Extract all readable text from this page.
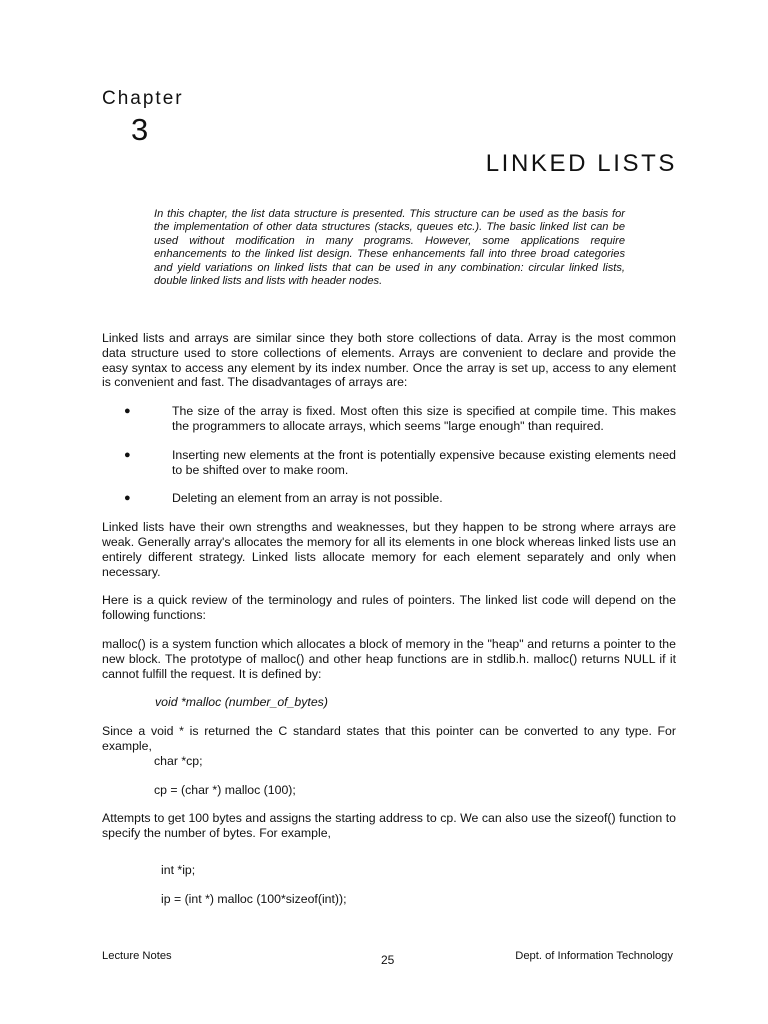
Chapter
3
LINKED LISTS

In this chapter, the list data structure is presented. This structure can be used as the basis for the implementation of other data structures (stacks, queues etc.). The basic linked list can be used without modification in many programs. However, some applications require enhancements to the linked list design. These enhancements fall into three broad categories and yield variations on linked lists that can be used in any combination: circular linked lists, double linked lists and lists with header nodes.

Linked lists and arrays are similar since they both store collections of data. Array is the most common data structure used to store collections of elements. Arrays are convenient to declare and provide the easy syntax to access any element by its index number. Once the array is set up, access to any element is convenient and fast. The disadvantages of arrays are:

●	The size of the array is fixed. Most often this size is specified at compile time. This makes the programmers to allocate arrays, which seems "large enough" than required.
●	Inserting new elements at the front is potentially expensive because existing elements need to be shifted over to make room.
●	Deleting an element from an array is not possible.

Linked lists have their own strengths and weaknesses, but they happen to be strong where arrays are weak. Generally array's allocates the memory for all its elements in one block whereas linked lists use an entirely different strategy. Linked lists allocate memory for each element separately and only when necessary.

Here is a quick review of the terminology and rules of pointers. The linked list code will depend on the following functions:

malloc() is a system function which allocates a block of memory in the "heap" and returns a pointer to the new block. The prototype of malloc() and other heap functions are in stdlib.h. malloc() returns NULL if it cannot fulfill the request. It is defined by:

void *malloc (number_of_bytes)

Since a void * is returned the C standard states that this pointer can be converted to any type. For example,

char *cp;

cp = (char *) malloc (100);

Attempts to get 100 bytes and assigns the starting address to cp. We can also use the sizeof() function to specify the number of bytes. For example,

int *ip;

ip = (int *) malloc (100*sizeof(int));

Lecture Notes	25	Dept. of Information Technology
